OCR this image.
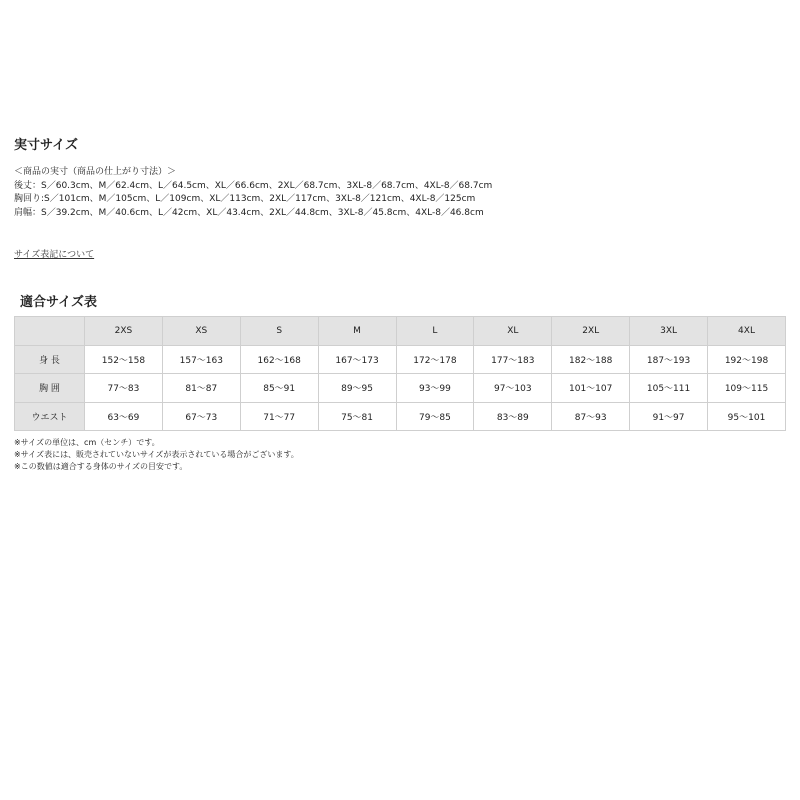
実寸サイズ
＜商品の実寸（商品の仕上がり寸法）＞
後丈：S／60.3cm、M／62.4cm、L／64.5cm、XL／66.6cm、2XL／68.7cm、3XL-8／68.7cm、4XL-8／68.7cm
胸回り:S／101cm、M／105cm、L／109cm、XL／113cm、2XL／117cm、3XL-8／121cm、4XL-8／125cm
肩幅：S／39.2cm、M／40.6cm、L／42cm、XL／43.4cm、2XL／44.8cm、3XL-8／45.8cm、4XL-8／46.8cm
サイズ表記について
適合サイズ表
	2XS	XS	S	M	L	XL	2XL	3XL	4XL
身 長	152〜158	157〜163	162〜168	167〜173	172〜178	177〜183	182〜188	187〜193	192〜198
胸 囲	77〜83	81〜87	85〜91	89〜95	93〜99	97〜103	101〜107	105〜111	109〜115
ウエスト	63〜69	67〜73	71〜77	75〜81	79〜85	83〜89	87〜93	91〜97	95〜101
※サイズの単位は、cm（センチ）です。
※サイズ表には、販売されていないサイズが表示されている場合がございます。
※この数値は適合する身体のサイズの目安です。
